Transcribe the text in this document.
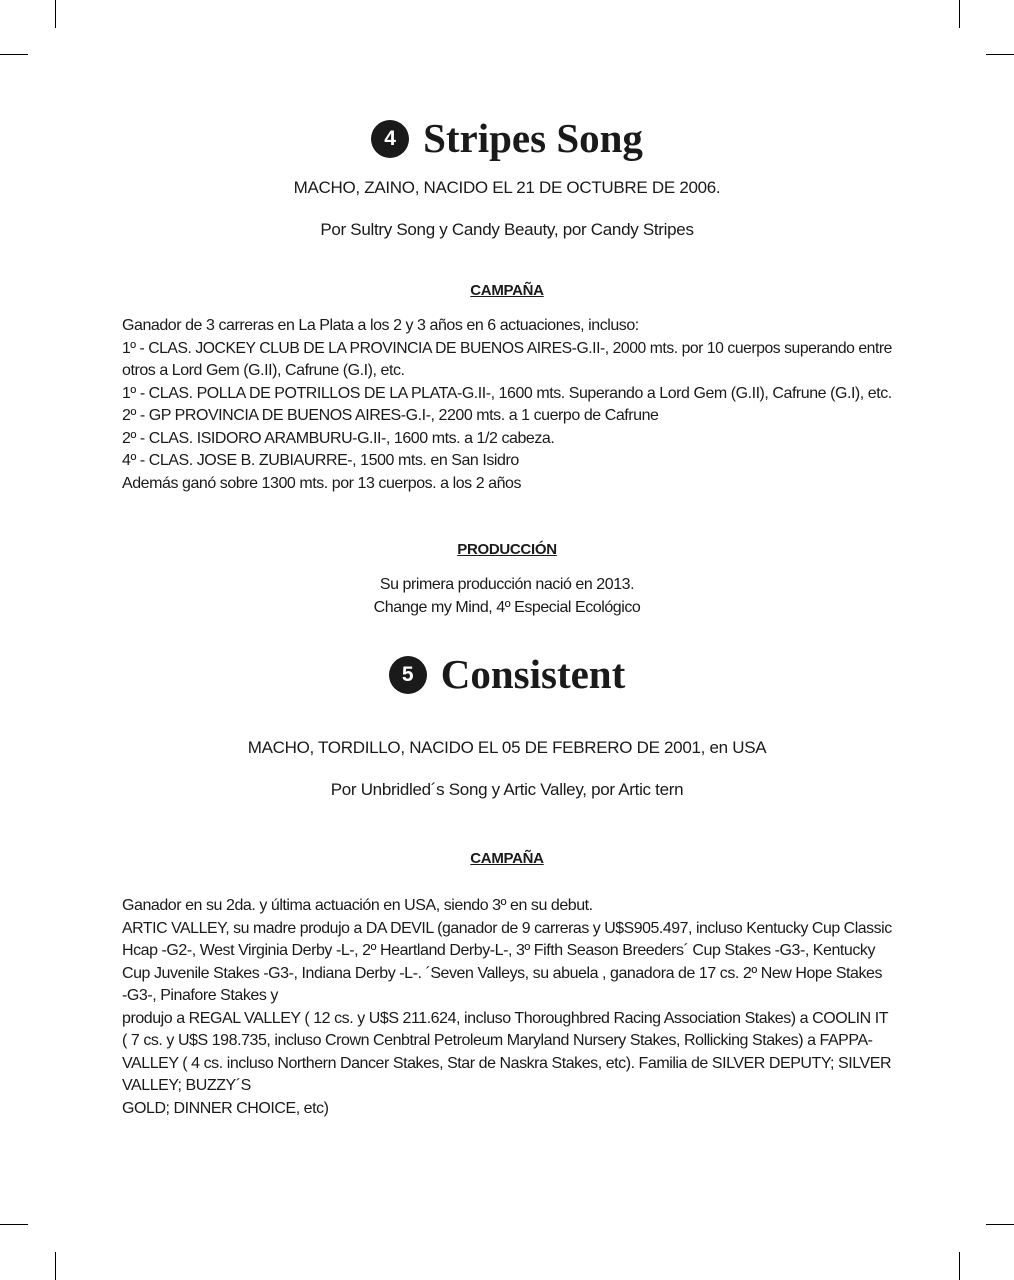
4 Stripes Song
MACHO, ZAINO, NACIDO EL 21 DE OCTUBRE DE 2006.
Por Sultry Song y Candy Beauty, por Candy Stripes
CAMPAÑA
Ganador de 3 carreras en La Plata a los 2 y 3 años en 6 actuaciones, incluso:
1º - CLAS. JOCKEY CLUB DE LA PROVINCIA DE BUENOS AIRES-G.II-, 2000 mts. por 10 cuerpos superando entre
otros a Lord Gem (G.II), Cafrune (G.I), etc.
1º - CLAS. POLLA DE POTRILLOS DE LA PLATA-G.II-, 1600 mts. Superando a Lord Gem (G.II), Cafrune (G.I), etc.
2º - GP PROVINCIA DE BUENOS AIRES-G.I-, 2200 mts. a 1 cuerpo de Cafrune
2º - CLAS. ISIDORO ARAMBURU-G.II-, 1600 mts. a 1/2 cabeza.
4º - CLAS. JOSE B. ZUBIAURRE-, 1500 mts. en San Isidro
Además ganó sobre 1300 mts. por 13 cuerpos. a los 2 años
PRODUCCIÓN
Su primera producción nació en 2013.
Change my Mind, 4º Especial Ecológico
5 Consistent
MACHO, TORDILLO, NACIDO EL 05 DE FEBRERO DE 2001, en USA
Por Unbridled´s Song y Artic Valley, por Artic tern
CAMPAÑA
Ganador en su 2da. y última actuación en USA, siendo 3º en su debut.
ARTIC VALLEY, su madre produjo a DA DEVIL (ganador de 9 carreras y U$S905.497, incluso Kentucky Cup Classic
Hcap -G2-, West Virginia Derby -L-, 2º Heartland Derby-L-, 3º Fifth Season Breeders´ Cup Stakes -G3-, Kentucky
Cup Juvenile Stakes -G3-, Indiana Derby -L-. ´Seven Valleys, su abuela , ganadora de 17 cs. 2º New Hope Stakes
-G3-, Pinafore Stakes y
produjo a REGAL VALLEY ( 12 cs. y U$S 211.624, incluso Thoroughbred Racing Association Stakes) a COOLIN IT
( 7 cs. y U$S 198.735, incluso Crown Cenbtral Petroleum Maryland Nursery Stakes, Rollicking Stakes) a FAPPA-
VALLEY ( 4 cs. incluso Northern Dancer Stakes, Star de Naskra Stakes, etc). Familia de SILVER DEPUTY; SILVER
VALLEY; BUZZY´S
GOLD; DINNER CHOICE, etc)
